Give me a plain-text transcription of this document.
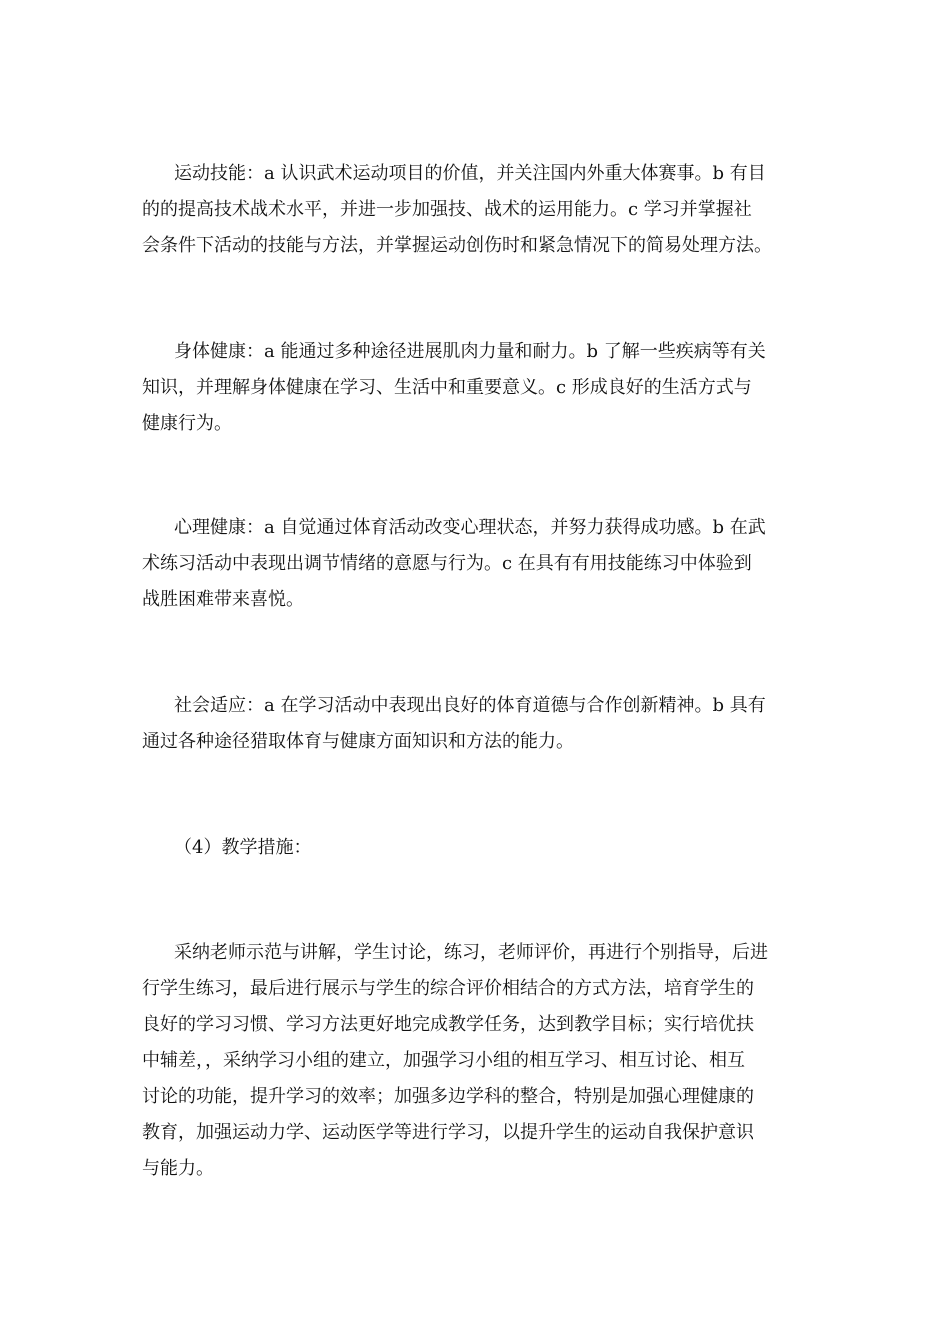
运动技能：a 认识武术运动项目的价值，并关注国内外重大体赛事。b 有目
的的提高技术战术水平，并进一步加强技、战术的运用能力。c 学习并掌握社
会条件下活动的技能与方法，并掌握运动创伤时和紧急情况下的简易处理方法。
身体健康：a 能通过多种途径进展肌肉力量和耐力。b 了解一些疾病等有关
知识，并理解身体健康在学习、生活中和重要意义。c 形成良好的生活方式与
健康行为。
心理健康：a 自觉通过体育活动改变心理状态，并努力获得成功感。b 在武
术练习活动中表现出调节情绪的意愿与行为。c 在具有有用技能练习中体验到
战胜困难带来喜悦。
社会适应：a 在学习活动中表现出良好的体育道德与合作创新精神。b 具有
通过各种途径猎取体育与健康方面知识和方法的能力。
（4）教学措施：
采纳老师示范与讲解，学生讨论，练习，老师评价，再进行个别指导，后进
行学生练习，最后进行展示与学生的综合评价相结合的方式方法，培育学生的
良好的学习习惯、学习方法更好地完成教学任务，达到教学目标；实行培优扶
中辅差，，采纳学习小组的建立，加强学习小组的相互学习、相互讨论、相互
讨论的功能，提升学习的效率；加强多边学科的整合，特别是加强心理健康的
教育，加强运动力学、运动医学等进行学习，以提升学生的运动自我保护意识
与能力。
